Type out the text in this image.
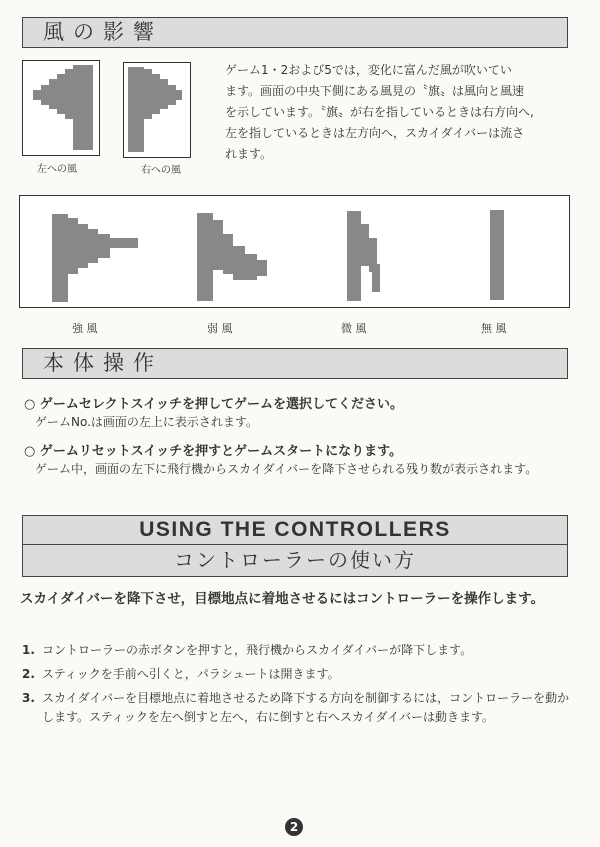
風の影響
左への風	右への風
ゲーム1・2および5では，変化に富んだ風が吹いてい
ます。画面の中央下側にある風見の〝旗〟は風向と風速
を示しています。〝旗〟が右を指しているときは右方向へ,
左を指しているときは左方向へ，スカイダイバーは流さ
れます。
強 風	弱 風	微 風	無 風
本体操作
○ ゲームセレクトスイッチを押してゲームを選択してください。
ゲームNo.は画面の左上に表示されます。
○ ゲームリセットスイッチを押すとゲームスタートになります。
ゲーム中，画面の左下に飛行機からスカイダイバーを降下させられる残り数が表示されます。
USING THE CONTROLLERS
コントローラーの使い方
スカイダイバーを降下させ，目標地点に着地させるにはコントローラーを操作します。
1. コントローラーの赤ボタンを押すと，飛行機からスカイダイバーが降下します。
2. スティックを手前へ引くと，パラシュートは開きます。
3. スカイダイバーを目標地点に着地させるため降下する方向を制御するには，コントローラーを動かします。スティックを左へ倒すと左へ，右に倒すと右へスカイダイバーは動きます。
2
